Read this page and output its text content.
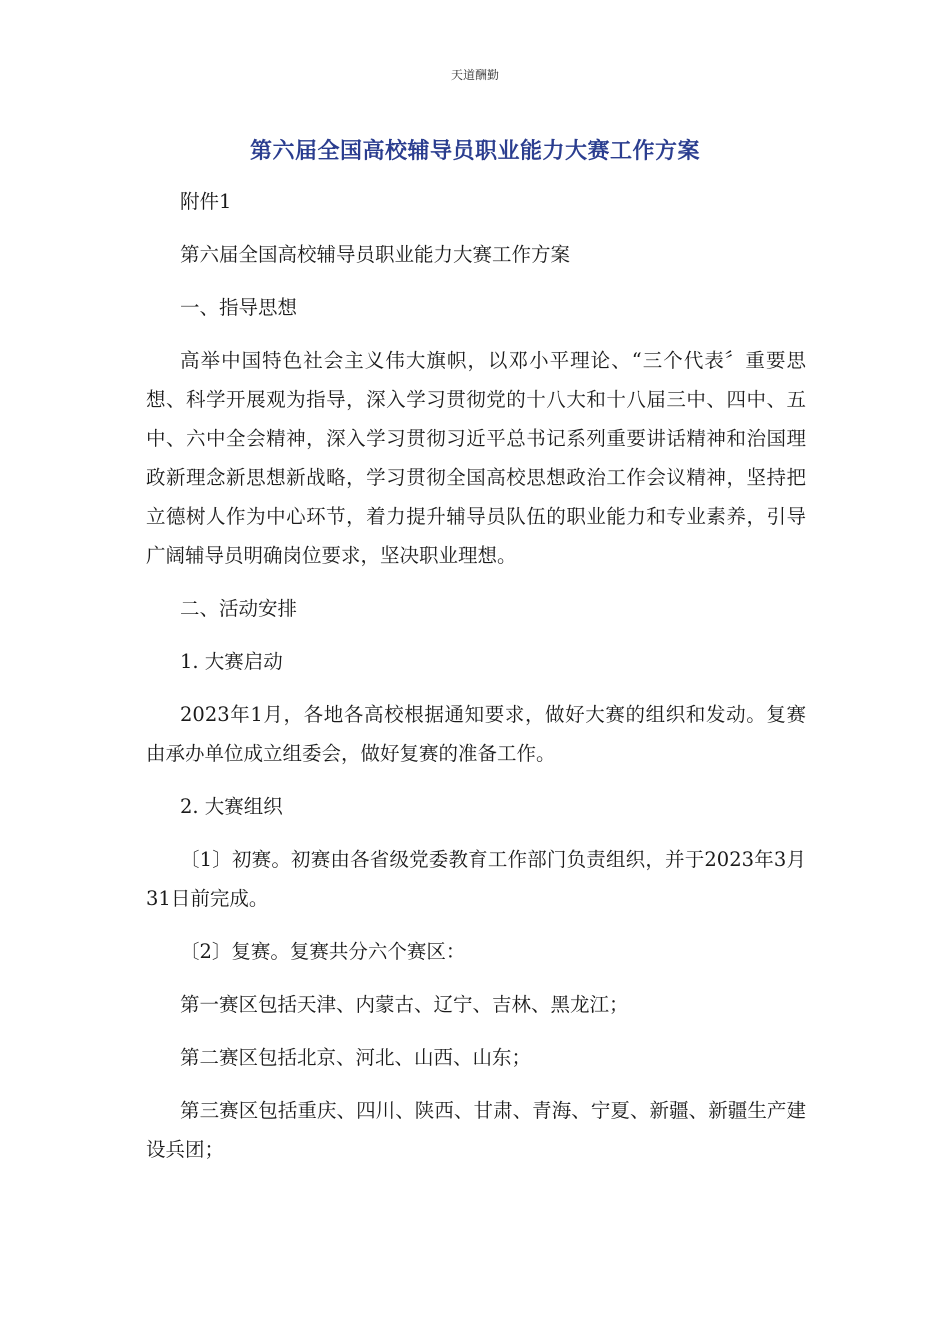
天道酬勤
第六届全国高校辅导员职业能力大赛工作方案

附件1

第六届全国高校辅导员职业能力大赛工作方案

一、指导思想

高举中国特色社会主义伟大旗帜，以邓小平理论、“三个代表〞重要思想、科学开展观为指导，深入学习贯彻党的十八大和十八届三中、四中、五中、六中全会精神，深入学习贯彻习近平总书记系列重要讲话精神和治国理政新理念新思想新战略，学习贯彻全国高校思想政治工作会议精神，坚持把立德树人作为中心环节，着力提升辅导员队伍的职业能力和专业素养，引导广阔辅导员明确岗位要求，坚决职业理想。

二、活动安排

1. 大赛启动

2023年1月，各地各高校根据通知要求，做好大赛的组织和发动。复赛由承办单位成立组委会，做好复赛的准备工作。

2. 大赛组织

〔1〕初赛。初赛由各省级党委教育工作部门负责组织，并于2023年3月31日前完成。

〔2〕复赛。复赛共分六个赛区：

第一赛区包括天津、内蒙古、辽宁、吉林、黑龙江；

第二赛区包括北京、河北、山西、山东；

第三赛区包括重庆、四川、陕西、甘肃、青海、宁夏、新疆、新疆生产建设兵团；
